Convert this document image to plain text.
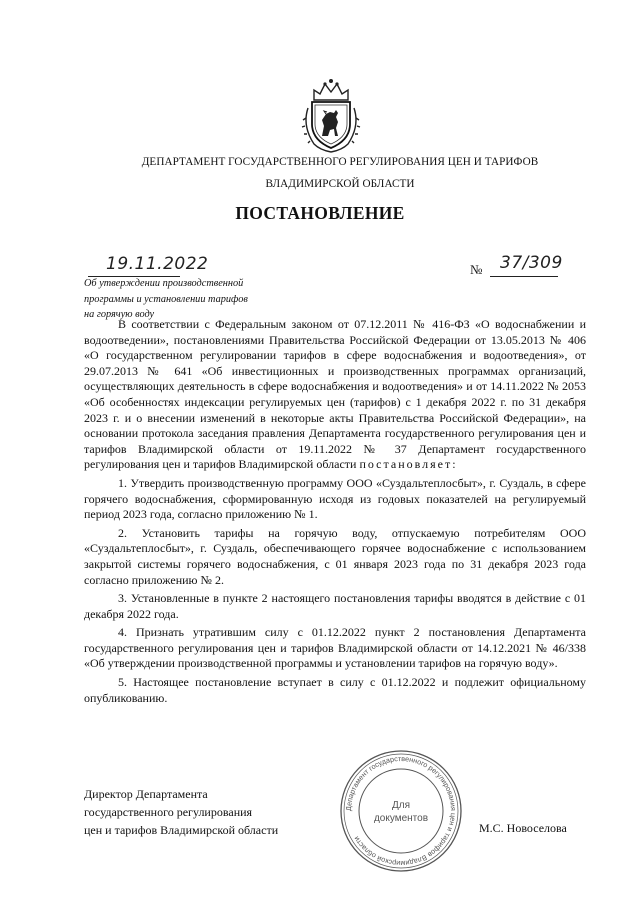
ДЕПАРТАМЕНТ ГОСУДАРСТВЕННОГО РЕГУЛИРОВАНИЯ ЦЕН И ТАРИФОВ
ВЛАДИМИРСКОЙ ОБЛАСТИ
ПОСТАНОВЛЕНИЕ
19.11.2022	№ 37/309
Об утверждении производственной
программы и установлении тарифов
на горячую воду

В соответствии с Федеральным законом от 07.12.2011 № 416-ФЗ «О водоснабжении и водоотведении», постановлениями Правительства Российской Федерации от 13.05.2013 № 406 «О государственном регулировании тарифов в сфере водоснабжения и водоотведения», от 29.07.2013 № 641 «Об инвестиционных и производственных программах организаций, осуществляющих деятельность в сфере водоснабжения и водоотведения» и от 14.11.2022 № 2053 «Об особенностях индексации регулируемых цен (тарифов) с 1 декабря 2022 г. по 31 декабря 2023 г. и о внесении изменений в некоторые акты Правительства Российской Федерации», на основании протокола заседания правления Департамента государственного регулирования цен и тарифов Владимирской области от 19.11.2022 № 37 Департамент государственного регулирования цен и тарифов Владимирской области постановляет:

1. Утвердить производственную программу ООО «Суздальтеплосбыт», г. Суздаль, в сфере горячего водоснабжения, сформированную исходя из годовых показателей на регулируемый период 2023 года, согласно приложению № 1.

2. Установить тарифы на горячую воду, отпускаемую потребителям ООО «Суздальтеплосбыт», г. Суздаль, обеспечивающего горячее водоснабжение с использованием закрытой системы горячего водоснабжения, с 01 января 2023 года по 31 декабря 2023 года согласно приложению № 2.

3. Установленные в пункте 2 настоящего постановления тарифы вводятся в действие с 01 декабря 2022 года.

4. Признать утратившим силу с 01.12.2022 пункт 2 постановления Департамента государственного регулирования цен и тарифов Владимирской области от 14.12.2021 № 46/338 «Об утверждении производственной программы и установлении тарифов на горячую воду».

5. Настоящее постановление вступает в силу с 01.12.2022 и подлежит официальному опубликованию.

Директор Департамента
государственного регулирования
цен и тарифов Владимирской области	М.С. Новоселова
Департамент государственного регулирования цен и тарифов Владимирской области
Для
документов
